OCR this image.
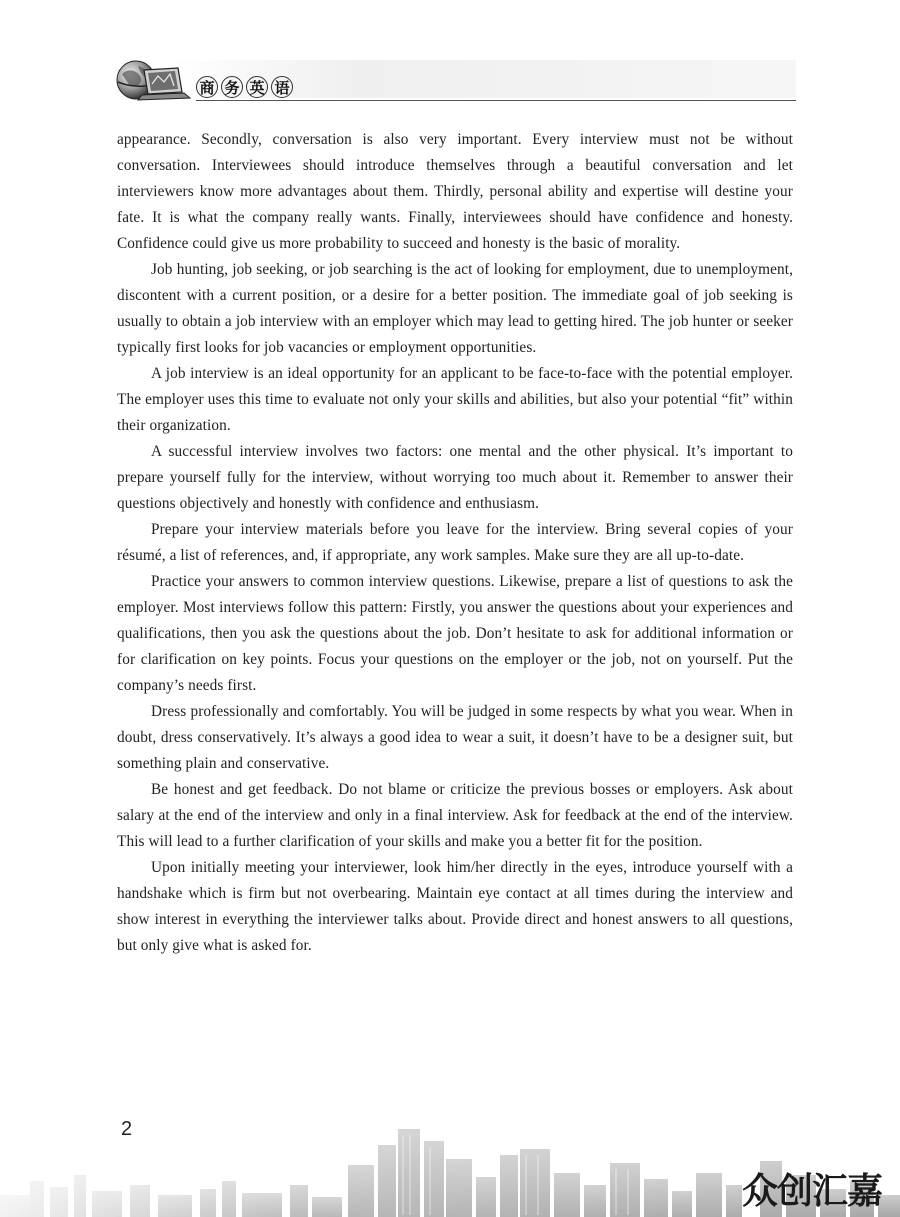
商 务 英 语

appearance. Secondly, conversation is also very important. Every interview must not be without conversation. Interviewees should introduce themselves through a beautiful conversation and let interviewers know more advantages about them. Thirdly, personal ability and expertise will destine your fate. It is what the company really wants. Finally, interviewees should have confidence and honesty. Confidence could give us more probability to succeed and honesty is the basic of morality.

Job hunting, job seeking, or job searching is the act of looking for employment, due to unemployment, discontent with a current position, or a desire for a better position. The immediate goal of job seeking is usually to obtain a job interview with an employer which may lead to getting hired. The job hunter or seeker typically first looks for job vacancies or employment opportunities.

A job interview is an ideal opportunity for an applicant to be face-to-face with the potential employer. The employer uses this time to evaluate not only your skills and abilities, but also your potential “fit” within their organization.

A successful interview involves two factors: one mental and the other physical. It’s important to prepare yourself fully for the interview, without worrying too much about it. Remember to answer their questions objectively and honestly with confidence and enthusiasm.

Prepare your interview materials before you leave for the interview. Bring several copies of your résumé, a list of references, and, if appropriate, any work samples. Make sure they are all up-to-date.

Practice your answers to common interview questions. Likewise, prepare a list of questions to ask the employer. Most interviews follow this pattern: Firstly, you answer the questions about your experiences and qualifications, then you ask the questions about the job. Don’t hesitate to ask for additional information or for clarification on key points. Focus your questions on the employer or the job, not on yourself. Put the company’s needs first.

Dress professionally and comfortably. You will be judged in some respects by what you wear. When in doubt, dress conservatively. It’s always a good idea to wear a suit, it doesn’t have to be a designer suit, but something plain and conservative.

Be honest and get feedback. Do not blame or criticize the previous bosses or employers. Ask about salary at the end of the interview and only in a final interview. Ask for feedback at the end of the interview. This will lead to a further clarification of your skills and make you a better fit for the position.

Upon initially meeting your interviewer, look him/her directly in the eyes, introduce yourself with a handshake which is firm but not overbearing. Maintain eye contact at all times during the interview and show interest in everything the interviewer talks about. Provide direct and honest answers to all questions, but only give what is asked for.

2
众创汇嘉
